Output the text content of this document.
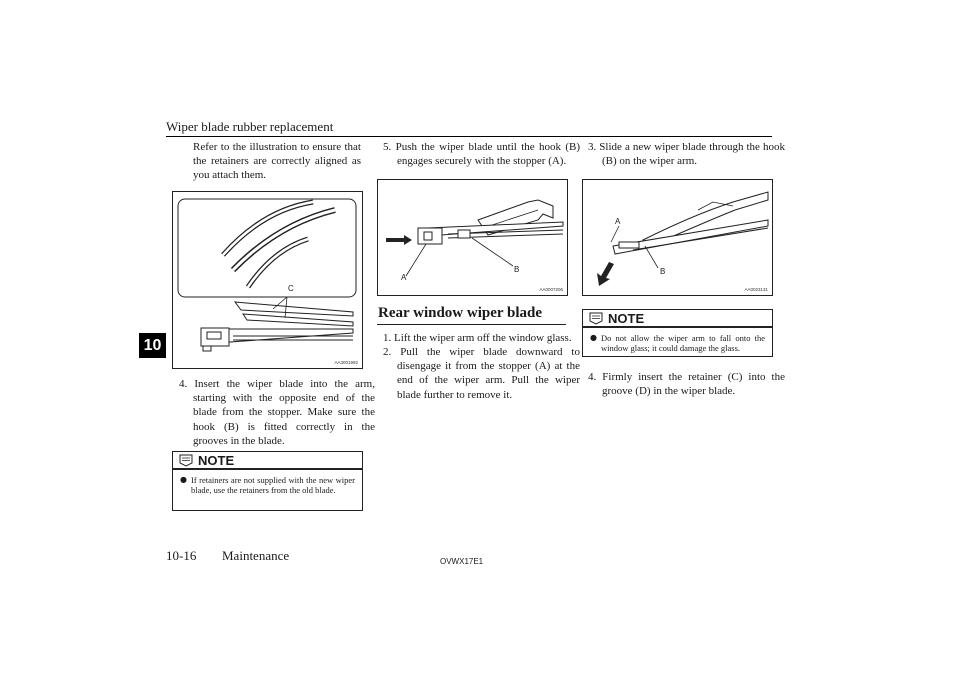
Wiper blade rubber replacement
10
Refer to the illustration to ensure that the retainers are correctly aligned as you attach them.
C
AA3001992
4. Insert the wiper blade into the arm, starting with the opposite end of the blade from the stopper. Make sure the hook (B) is fitted correctly in the grooves in the blade.
NOTE
● If retainers are not supplied with the new wiper blade, use the retainers from the old blade.
5. Push the wiper blade until the hook (B) engages securely with the stopper (A).
A
B
AA0007206
Rear window wiper blade
1. Lift the wiper arm off the window glass.
2. Pull the wiper blade downward to disengage it from the stopper (A) at the end of the wiper arm. Pull the wiper blade further to remove it.
3. Slide a new wiper blade through the hook (B) on the wiper arm.
A
B
AA0023131
NOTE
● Do not allow the wiper arm to fall onto the window glass; it could damage the glass.
4. Firmly insert the retainer (C) into the groove (D) in the wiper blade.
10-16 Maintenance	OVWX17E1
